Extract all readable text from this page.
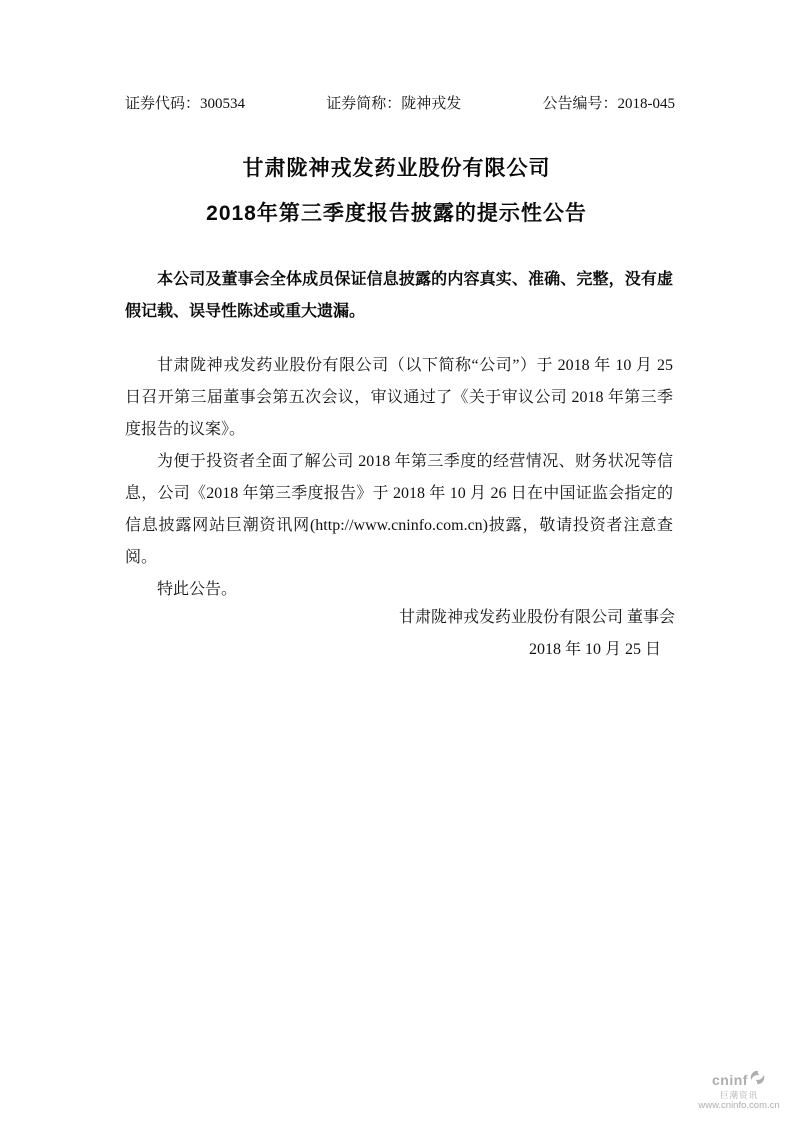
证券代码：300534	证券简称：陇神戎发	公告编号：2018-045
甘肃陇神戎发药业股份有限公司
2018年第三季度报告披露的提示性公告
本公司及董事会全体成员保证信息披露的内容真实、准确、完整，没有虚假记载、误导性陈述或重大遗漏。

甘肃陇神戎发药业股份有限公司（以下简称“公司”）于 2018 年 10 月 25 日召开第三届董事会第五次会议，审议通过了《关于审议公司 2018 年第三季度报告的议案》。

为便于投资者全面了解公司 2018 年第三季度的经营情况、财务状况等信息，公司《2018 年第三季度报告》于 2018 年 10 月 26 日在中国证监会指定的信息披露网站巨潮资讯网(http://www.cninfo.com.cn)披露，敬请投资者注意查阅。

特此公告。

甘肃陇神戎发药业股份有限公司 董事会
2018 年 10 月 25 日
cninf
巨潮资讯
www.cninfo.com.cn
